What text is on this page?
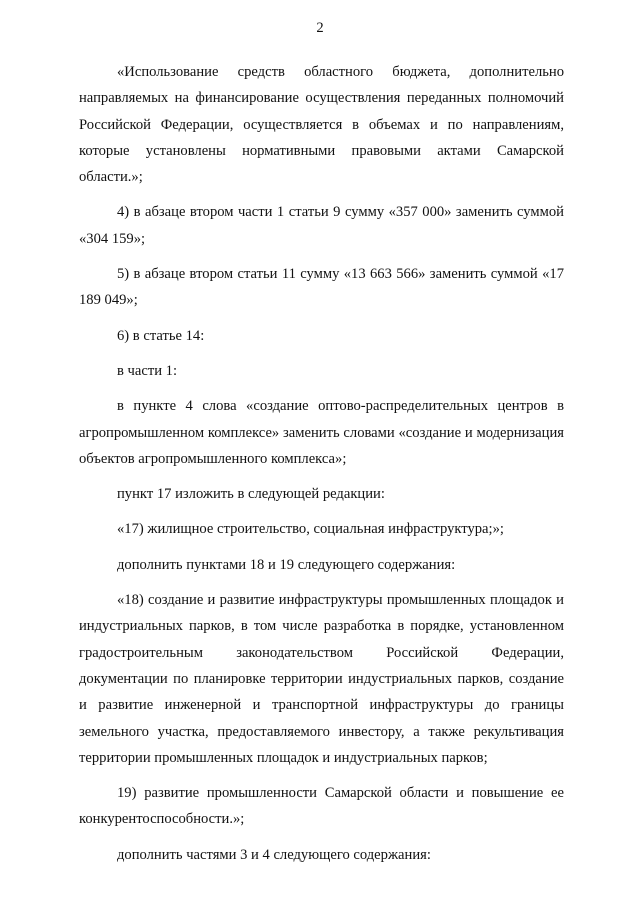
2

«Использование средств областного бюджета, дополнительно направляемых на финансирование осуществления переданных полномочий Российской Федерации, осуществляется в объемах и по направлениям, которые установлены нормативными правовыми актами Самарской области.»;

4) в абзаце втором части 1 статьи 9 сумму «357 000» заменить суммой «304 159»;

5) в абзаце втором статьи 11 сумму «13 663 566» заменить суммой «17 189 049»;

6) в статье 14:

в части 1:

в пункте 4 слова «создание оптово-распределительных центров в агропромышленном комплексе» заменить словами «создание и модернизация объектов агропромышленного комплекса»;

пункт 17 изложить в следующей редакции:

«17) жилищное строительство, социальная инфраструктура;»;

дополнить пунктами 18 и 19 следующего содержания:

«18) создание и развитие инфраструктуры промышленных площадок и индустриальных парков, в том числе разработка в порядке, установленном градостроительным законодательством Российской Федерации, документации по планировке территории индустриальных парков, создание и развитие инженерной и транспортной инфраструктуры до границы земельного участка, предоставляемого инвестору, а также рекультивация территории промышленных площадок и индустриальных парков;

19) развитие промышленности Самарской области и повышение ее конкурентоспособности.»;

дополнить частями 3 и 4 следующего содержания:
